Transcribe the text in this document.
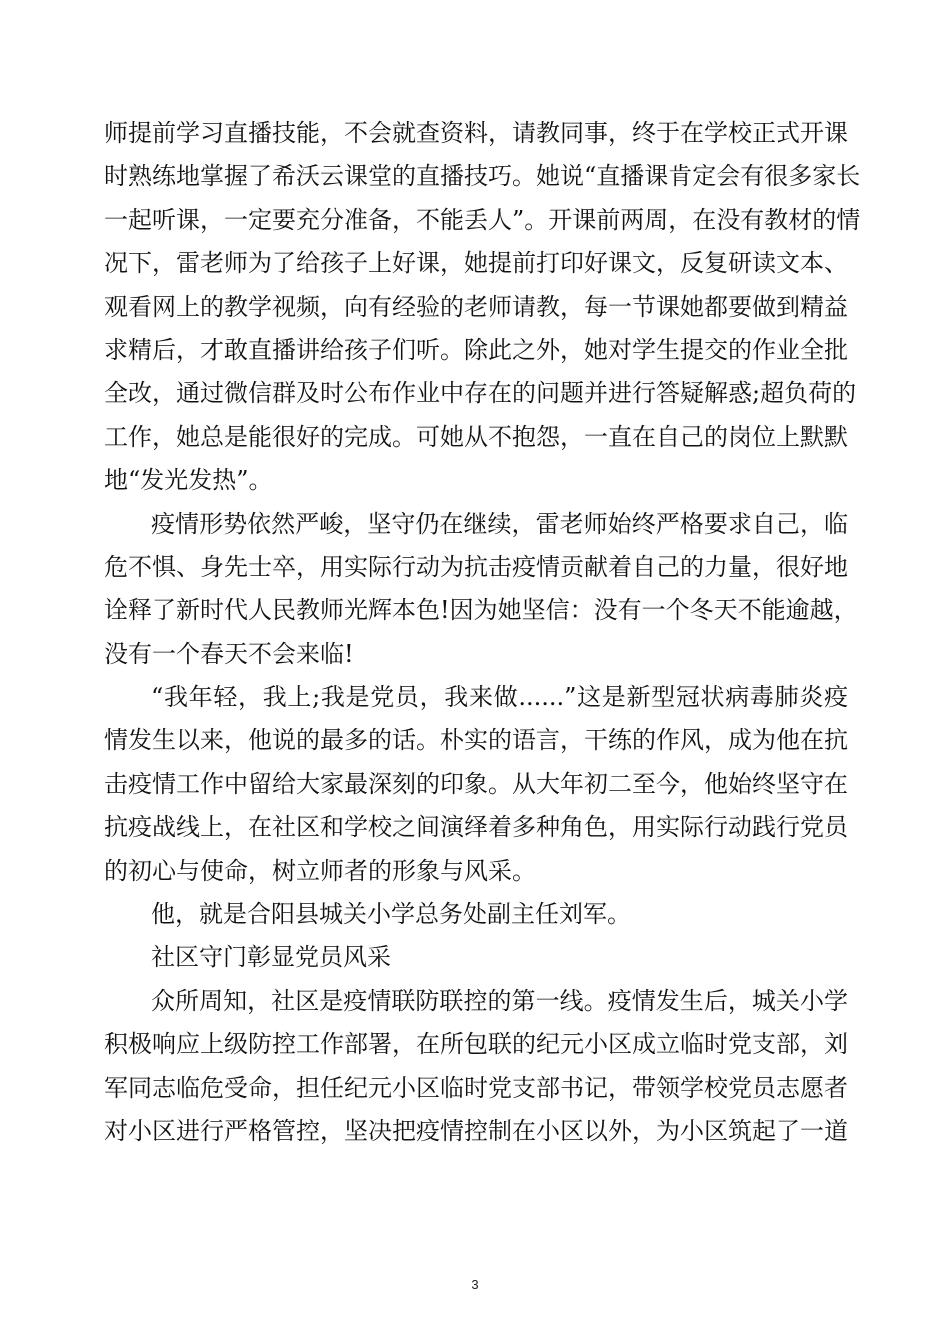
师提前学习直播技能，不会就查资料，请教同事，终于在学校正式开课
时熟练地掌握了希沃云课堂的直播技巧。她说“直播课肯定会有很多家长
一起听课，一定要充分准备，不能丢人”。开课前两周，在没有教材的情
况下，雷老师为了给孩子上好课，她提前打印好课文，反复研读文本、
观看网上的教学视频，向有经验的老师请教，每一节课她都要做到精益
求精后，才敢直播讲给孩子们听。除此之外，她对学生提交的作业全批
全改，通过微信群及时公布作业中存在的问题并进行答疑解惑;超负荷的
工作，她总是能很好的完成。可她从不抱怨，一直在自己的岗位上默默
地“发光发热”。
疫情形势依然严峻，坚守仍在继续，雷老师始终严格要求自己，临
危不惧、身先士卒，用实际行动为抗击疫情贡献着自己的力量，很好地
诠释了新时代人民教师光辉本色!因为她坚信：没有一个冬天不能逾越，
没有一个春天不会来临!
“我年轻，我上;我是党员，我来做......”这是新型冠状病毒肺炎疫
情发生以来，他说的最多的话。朴实的语言，干练的作风，成为他在抗
击疫情工作中留给大家最深刻的印象。从大年初二至今，他始终坚守在
抗疫战线上，在社区和学校之间演绎着多种角色，用实际行动践行党员
的初心与使命，树立师者的形象与风采。
他，就是合阳县城关小学总务处副主任刘军。
社区守门彰显党员风采
众所周知，社区是疫情联防联控的第一线。疫情发生后，城关小学
积极响应上级防控工作部署，在所包联的纪元小区成立临时党支部，刘
军同志临危受命，担任纪元小区临时党支部书记，带领学校党员志愿者
对小区进行严格管控，坚决把疫情控制在小区以外，为小区筑起了一道
3
